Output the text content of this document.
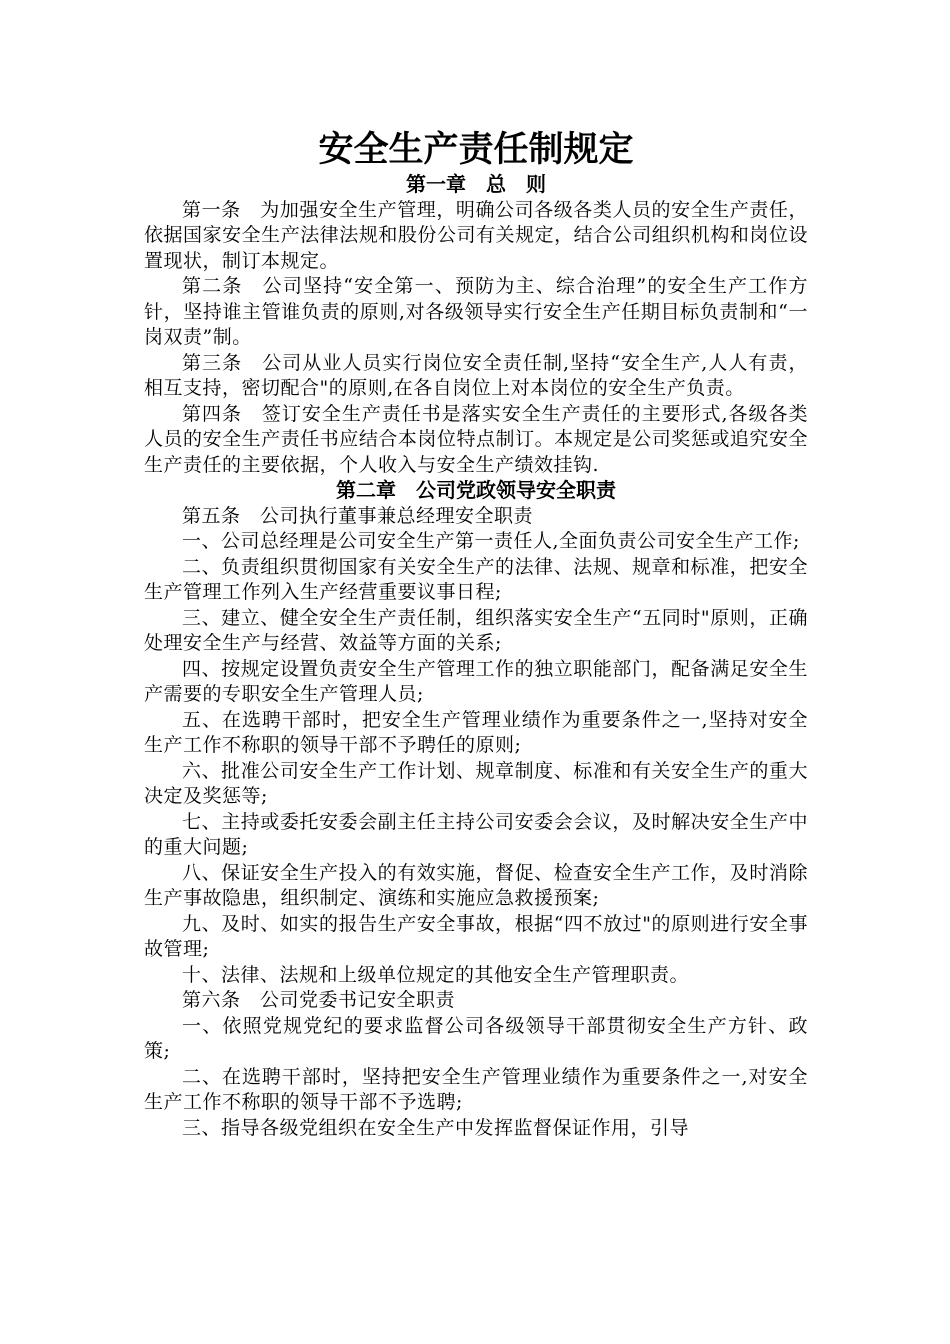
安全生产责任制规定
第一章　总　则

第一条　为加强安全生产管理，明确公司各级各类人员的安全生产责任，依据国家安全生产法律法规和股份公司有关规定，结合公司组织机构和岗位设置现状，制订本规定。

第二条　公司坚持“安全第一、预防为主、综合治理”的安全生产工作方针，坚持谁主管谁负责的原则,对各级领导实行安全生产任期目标负责制和“一岗双责”制。

第三条　公司从业人员实行岗位安全责任制,坚持“安全生产,人人有责，相互支持，密切配合"的原则,在各自岗位上对本岗位的安全生产负责。

第四条　签订安全生产责任书是落实安全生产责任的主要形式,各级各类人员的安全生产责任书应结合本岗位特点制订。本规定是公司奖惩或追究安全生产责任的主要依据，个人收入与安全生产绩效挂钩.

第二章　公司党政领导安全职责

第五条　公司执行董事兼总经理安全职责

一、公司总经理是公司安全生产第一责任人,全面负责公司安全生产工作;

二、负责组织贯彻国家有关安全生产的法律、法规、规章和标准，把安全生产管理工作列入生产经营重要议事日程;

三、建立、健全安全生产责任制，组织落实安全生产“五同时"原则，正确处理安全生产与经营、效益等方面的关系;

四、按规定设置负责安全生产管理工作的独立职能部门，配备满足安全生产需要的专职安全生产管理人员;

五、在选聘干部时，把安全生产管理业绩作为重要条件之一,坚持对安全生产工作不称职的领导干部不予聘任的原则;

六、批准公司安全生产工作计划、规章制度、标准和有关安全生产的重大决定及奖惩等;

七、主持或委托安委会副主任主持公司安委会会议，及时解决安全生产中的重大问题;

八、保证安全生产投入的有效实施，督促、检查安全生产工作，及时消除生产事故隐患，组织制定、演练和实施应急救援预案;

九、及时、如实的报告生产安全事故，根据“四不放过"的原则进行安全事故管理;

十、法律、法规和上级单位规定的其他安全生产管理职责。

第六条　公司党委书记安全职责

一、依照党规党纪的要求监督公司各级领导干部贯彻安全生产方针、政策;

二、在选聘干部时，坚持把安全生产管理业绩作为重要条件之一,对安全生产工作不称职的领导干部不予选聘;

三、指导各级党组织在安全生产中发挥监督保证作用，引导
